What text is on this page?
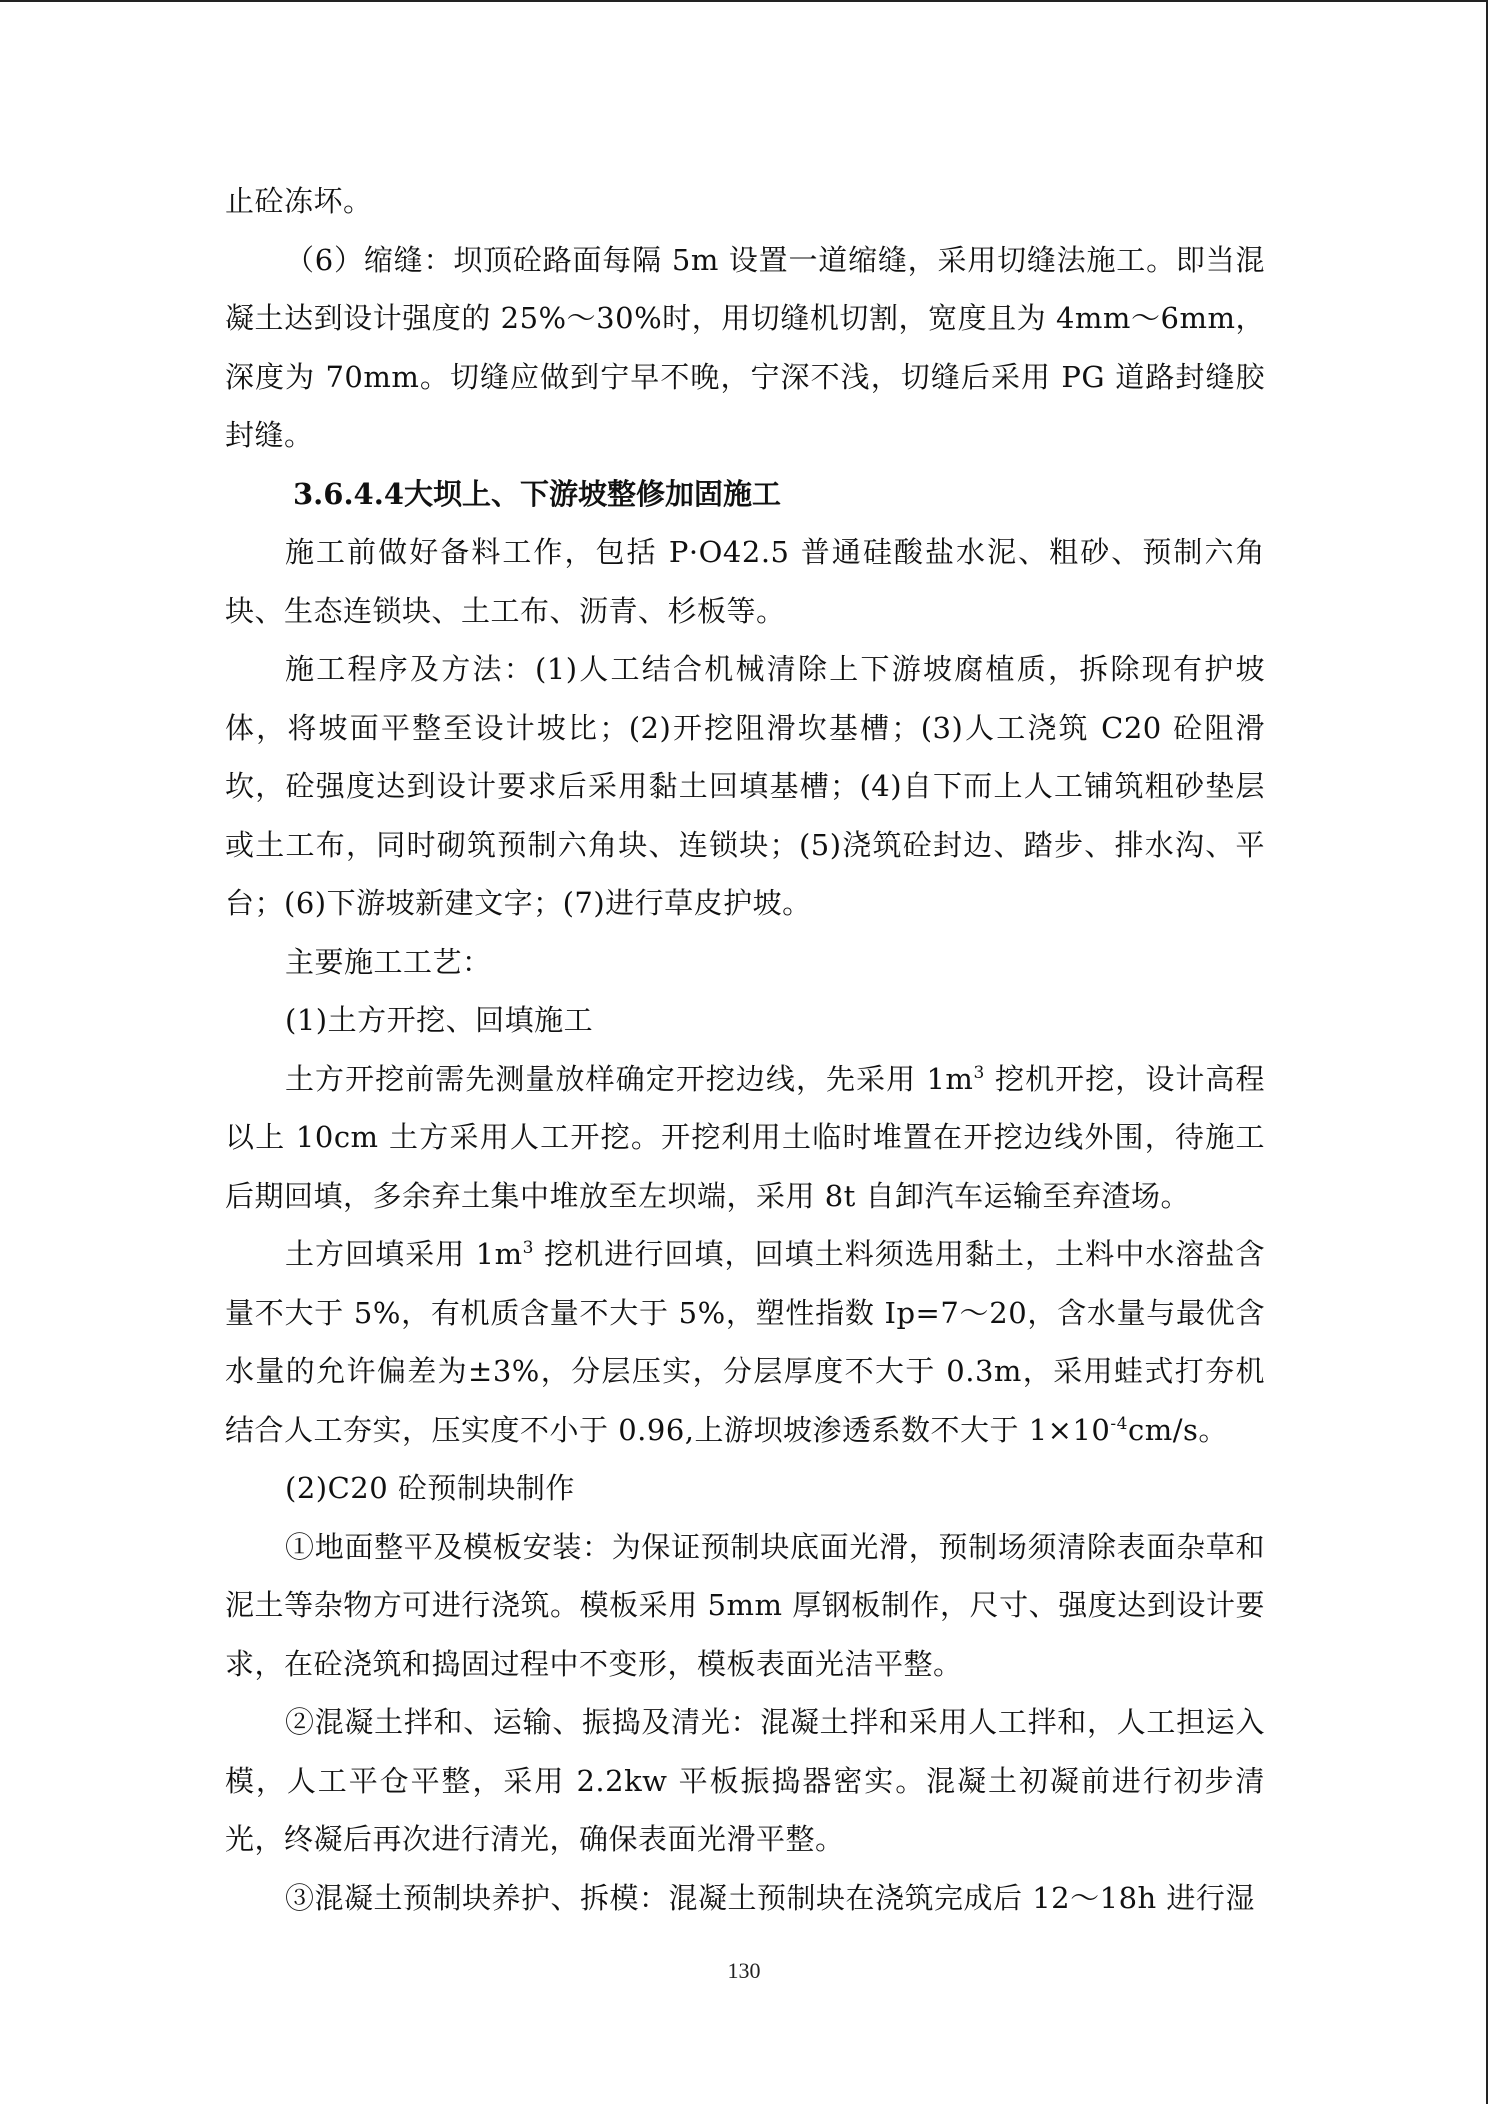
止砼冻坏。

（6）缩缝：坝顶砼路面每隔 5m 设置一道缩缝，采用切缝法施工。即当混凝土达到设计强度的 25%～30%时，用切缝机切割，宽度且为 4mm～6mm，深度为 70mm。切缝应做到宁早不晚，宁深不浅，切缝后采用 PG 道路封缝胶封缝。

3.6.4.4大坝上、下游坡整修加固施工

施工前做好备料工作，包括 P·O42.5 普通硅酸盐水泥、粗砂、预制六角块、生态连锁块、土工布、沥青、杉板等。

施工程序及方法：(1)人工结合机械清除上下游坡腐植质，拆除现有护坡体，将坡面平整至设计坡比；(2)开挖阻滑坎基槽；(3)人工浇筑 C20 砼阻滑坎，砼强度达到设计要求后采用黏土回填基槽；(4)自下而上人工铺筑粗砂垫层或土工布，同时砌筑预制六角块、连锁块；(5)浇筑砼封边、踏步、排水沟、平台；(6)下游坡新建文字；(7)进行草皮护坡。

主要施工工艺：

(1)土方开挖、回填施工

土方开挖前需先测量放样确定开挖边线，先采用 $1m^3$ 挖机开挖，设计高程以上 10cm 土方采用人工开挖。开挖利用土临时堆置在开挖边线外围，待施工后期回填，多余弃土集中堆放至左坝端，采用 8t 自卸汽车运输至弃渣场。

土方回填采用 $1m^3$ 挖机进行回填，回填土料须选用黏土，土料中水溶盐含量不大于 5%，有机质含量不大于 5%，塑性指数 Ip=7～20，含水量与最优含水量的允许偏差为±3%，分层压实，分层厚度不大于 0.3m，采用蛙式打夯机结合人工夯实，压实度不小于 0.96,上游坝坡渗透系数不大于 $1\times 10^{-4}cm/s$。

(2)C20 砼预制块制作

①地面整平及模板安装：为保证预制块底面光滑，预制场须清除表面杂草和泥土等杂物方可进行浇筑。模板采用 5mm 厚钢板制作，尺寸、强度达到设计要求，在砼浇筑和捣固过程中不变形，模板表面光洁平整。

②混凝土拌和、运输、振捣及清光：混凝土拌和采用人工拌和，人工担运入模，人工平仓平整，采用 2.2kw 平板振捣器密实。混凝土初凝前进行初步清光，终凝后再次进行清光，确保表面光滑平整。

③混凝土预制块养护、拆模：混凝土预制块在浇筑完成后 12～18h 进行湿

130
